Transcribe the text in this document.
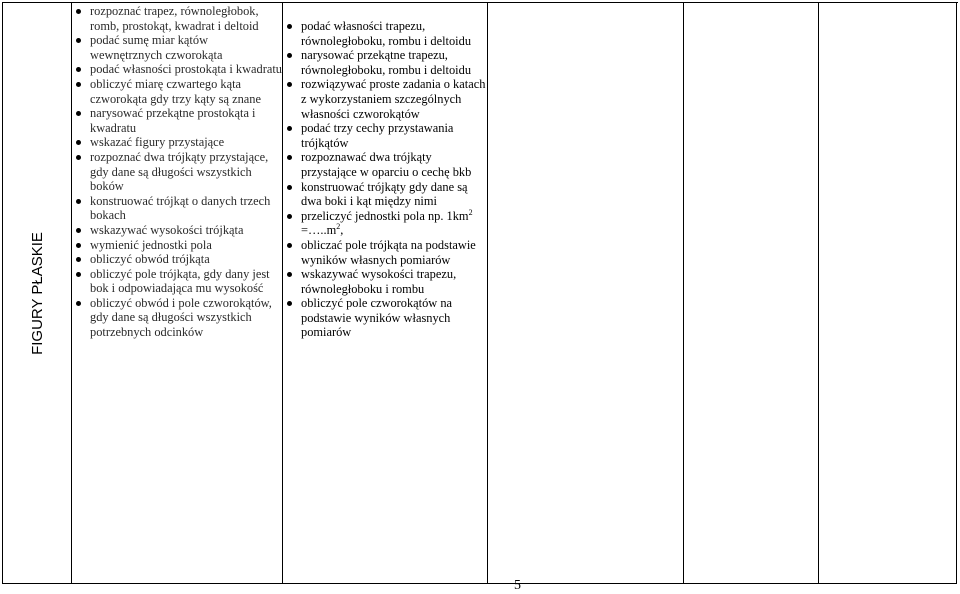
FIGURY PŁASKIE
rozpoznać trapez, równoległobok, romb, prostokąt, kwadrat i deltoid
podać sumę miar kątów wewnętrznych czworokąta
podać własności prostokąta i kwadratu
obliczyć miarę czwartego kąta czworokąta gdy trzy kąty są znane
narysować przekątne prostokąta i kwadratu
wskazać figury przystające
rozpoznać dwa trójkąty przystające, gdy dane są długości wszystkich boków
konstruować trójkąt o danych trzech bokach
wskazywać wysokości trójkąta
wymienić jednostki pola
obliczyć obwód trójkąta
obliczyć pole trójkąta, gdy dany jest bok i odpowiadająca mu wysokość
obliczyć obwód i pole czworokątów, gdy dane są długości wszystkich potrzebnych odcinków
podać własności trapezu, równoległoboku, rombu i deltoidu
narysować przekątne trapezu, równoległoboku, rombu i deltoidu
rozwiązywać proste zadania o katach z wykorzystaniem szczególnych własności czworokątów
podać trzy cechy przystawania trójkątów
rozpoznawać dwa trójkąty przystające w oparciu o cechę bkb
konstruować trójkąty gdy dane są dwa boki i kąt między nimi
przeliczyć jednostki pola np. $1km^2$ $=\dots..m^2$,
obliczać pole trójkąta na podstawie wyników własnych pomiarów
wskazywać wysokości trapezu, równoległoboku i rombu
obliczyć pole czworokątów na podstawie wyników własnych pomiarów
5
